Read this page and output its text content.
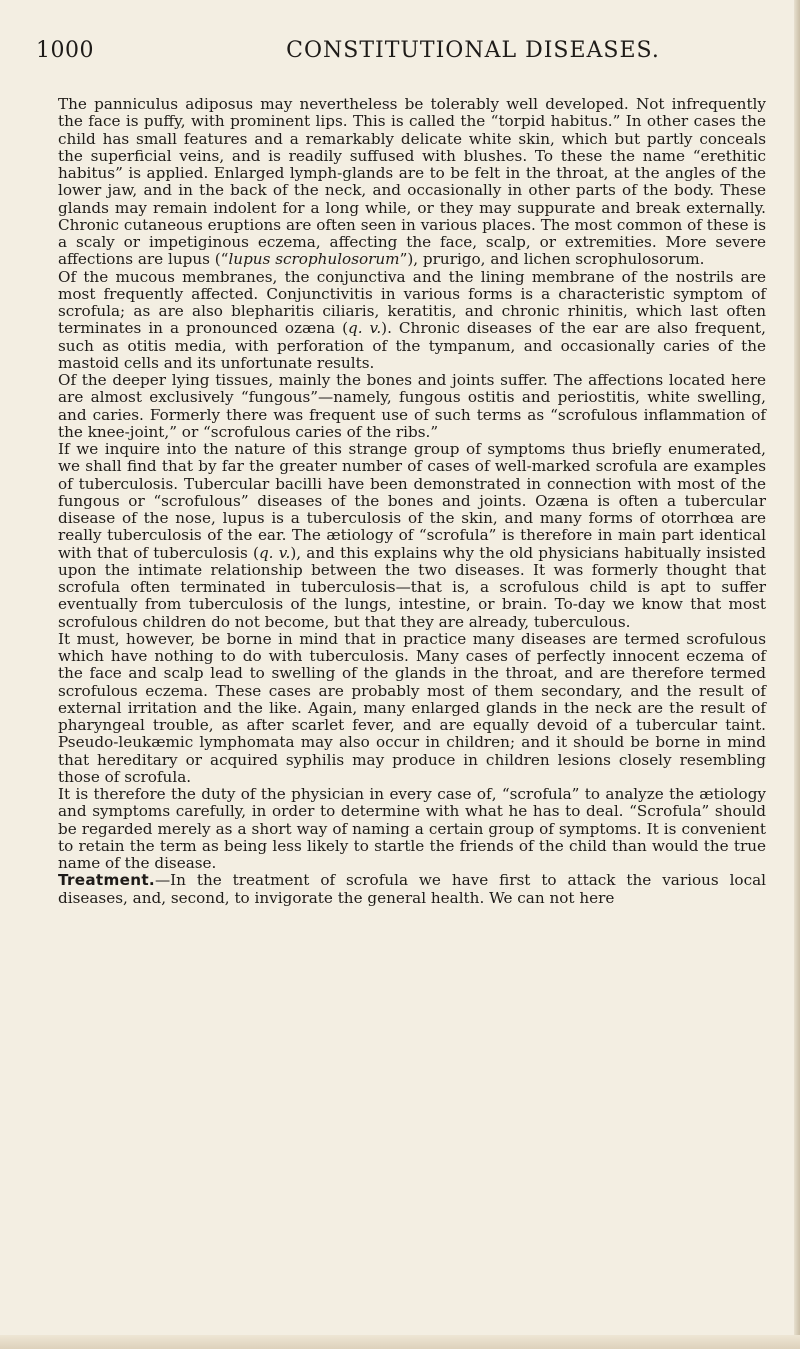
1000	CONSTITUTIONAL DISEASES.

The panniculus adiposus may nevertheless be tolerably well developed. Not infrequently the face is puffy, with prominent lips. This is called the “torpid habitus.” In other cases the child has small features and a remarkably delicate white skin, which but partly conceals the superficial veins, and is readily suffused with blushes. To these the name “erethitic habitus” is applied. Enlarged lymph-glands are to be felt in the throat, at the angles of the lower jaw, and in the back of the neck, and occasionally in other parts of the body. These glands may remain indolent for a long while, or they may suppurate and break externally. Chronic cutaneous eruptions are often seen in various places. The most common of these is a scaly or impetiginous eczema, affecting the face, scalp, or extremities. More severe affections are lupus (“lupus scrophulosorum”), prurigo, and lichen scrophulosorum.

Of the mucous membranes, the conjunctiva and the lining membrane of the nostrils are most frequently affected. Conjunctivitis in various forms is a characteristic symptom of scrofula; as are also blepharitis ciliaris, keratitis, and chronic rhinitis, which last often terminates in a pronounced ozæna (q. v.). Chronic diseases of the ear are also frequent, such as otitis media, with perforation of the tympanum, and occasionally caries of the mastoid cells and its unfortunate results.

Of the deeper lying tissues, mainly the bones and joints suffer. The affections located here are almost exclusively “fungous”—namely, fungous ostitis and periostitis, white swelling, and caries. Formerly there was frequent use of such terms as “scrofulous inflammation of the knee-joint,” or “scrofulous caries of the ribs.”

If we inquire into the nature of this strange group of symptoms thus briefly enumerated, we shall find that by far the greater number of cases of well-marked scrofula are examples of tuberculosis. Tubercular bacilli have been demonstrated in connection with most of the fungous or “scrofulous” diseases of the bones and joints. Ozæna is often a tubercular disease of the nose, lupus is a tuberculosis of the skin, and many forms of otorrhœa are really tuberculosis of the ear. The ætiology of “scrofula” is therefore in main part identical with that of tuberculosis (q. v.), and this explains why the old physicians habitually insisted upon the intimate relationship between the two diseases. It was formerly thought that scrofula often terminated in tuberculosis—that is, a scrofulous child is apt to suffer eventually from tuberculosis of the lungs, intestine, or brain. To-day we know that most scrofulous children do not become, but that they are already, tuberculous.

It must, however, be borne in mind that in practice many diseases are termed scrofulous which have nothing to do with tuberculosis. Many cases of perfectly innocent eczema of the face and scalp lead to swelling of the glands in the throat, and are therefore termed scrofulous eczema. These cases are probably most of them secondary, and the result of external irritation and the like. Again, many enlarged glands in the neck are the result of pharyngeal trouble, as after scarlet fever, and are equally devoid of a tubercular taint. Pseudo-leukæmic lymphomata may also occur in children; and it should be borne in mind that hereditary or acquired syphilis may produce in children lesions closely resembling those of scrofula.

It is therefore the duty of the physician in every case of‚ “scrofula” to analyze the ætiology and symptoms carefully, in order to determine with what he has to deal. “Scrofula” should be regarded merely as a short way of naming a certain group of symptoms. It is convenient to retain the term as being less likely to startle the friends of the child than would the true name of the disease.

Treatment.—In the treatment of scrofula we have first to attack the various local diseases, and, second, to invigorate the general health. We can not here
